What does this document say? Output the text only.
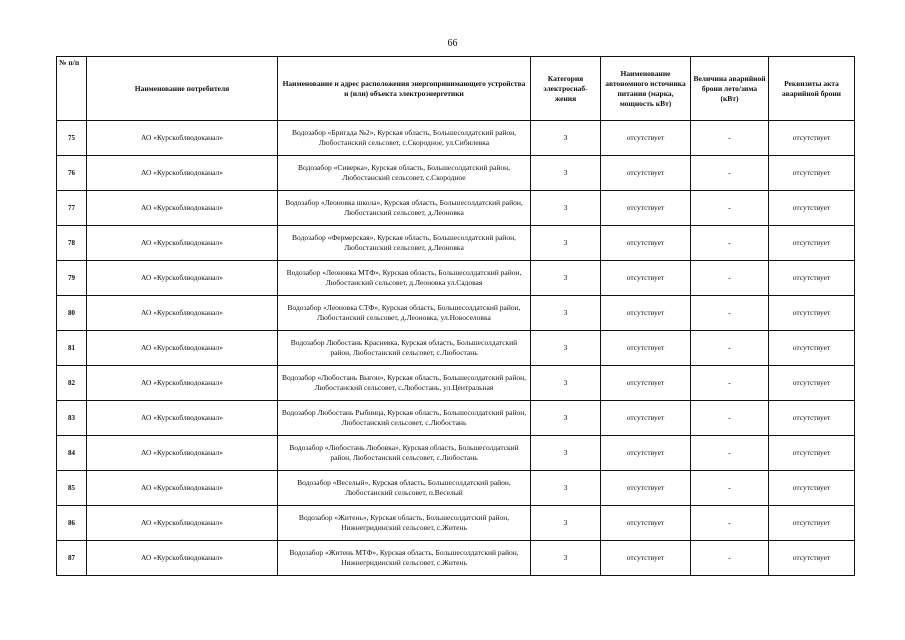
66
№ п/п	Наименование потребителя	Наименование и адрес расположения энергопринимающего устройства и (или) объекта электроэнергетики	Категория электроснаб-жения	Наименование автономного источника питания (марка, мощность кВт)	Величина аварийной брони лето/зима (кВт)	Реквизиты акта аварийной брони
75	АО «Курскоблводоканал»	Водозабор «Бригада №2», Курская область, Большесолдатский район, Любостанский сельсовет, с.Скородное, ул.Сибилевка	3	отсутствует	-	отсутствует
76	АО «Курскоблводоканал»	Водозабор «Сиверка», Курская область, Большесолдатский район, Любостанский сельсовет, с.Скородное	3	отсутствует	-	отсутствует
77	АО «Курскоблводоканал»	Водозабор «Леоновка школа», Курская область, Большесолдатский район, Любостанский сельсовет, д.Леоновка	3	отсутствует	-	отсутствует
78	АО «Курскоблводоканал»	Водозабор «Фермерская», Курская область, Большесолдатский район, Любостанский сельсовет, д.Леоновка	3	отсутствует	-	отсутствует
79	АО «Курскоблводоканал»	Водозабор «Леоновка МТФ», Курская область, Большесолдатский район, Любостанский сельсовет, д.Леоновка ул.Садовая	3	отсутствует	-	отсутствует
80	АО «Курскоблводоканал»	Водозабор «Леоновка СТФ», Курская область, Большесолдатский район, Любостанский сельсовет, д.Леоновка, ул.Новоселовка	3	отсутствует	-	отсутствует
81	АО «Курскоблводоканал»	Водозабор Любостань Красневка, Курская область, Большесолдатский район, Любостанский сельсовет, с.Любостань	3	отсутствует	-	отсутствует
82	АО «Курскоблводоканал»	Водозабор «Любостань Выгон», Курская область, Большесолдатский район, Любостанский сельсовет, с.Любостань, ул.Центральная	3	отсутствует	-	отсутствует
83	АО «Курскоблводоканал»	Водозабор Любостань Рыбница, Курская область, Большесолдатский район, Любостанский сельсовет, с.Любостань	3	отсутствует	-	отсутствует
84	АО «Курскоблводоканал»	Водозабор «Любостань Любовка», Курская область, Большесолдатский район, Любостанский сельсовет, с.Любостань	3	отсутствует	-	отсутствует
85	АО «Курскоблводоканал»	Водозабор «Веселый», Курская область, Большесолдатский район, Любостанский сельсовет, п.Веселый	3	отсутствует	-	отсутствует
86	АО «Курскоблводоканал»	Водозабор «Житень», Курская область, Большесолдатский район, Нижнегридинский сельсовет, с.Житень	3	отсутствует	-	отсутствует
87	АО «Курскоблводоканал»	Водозабор «Житень МТФ», Курская область, Большесолдатский район, Нижнегридинский сельсовет, с.Житень	3	отсутствует	-	отсутствует
